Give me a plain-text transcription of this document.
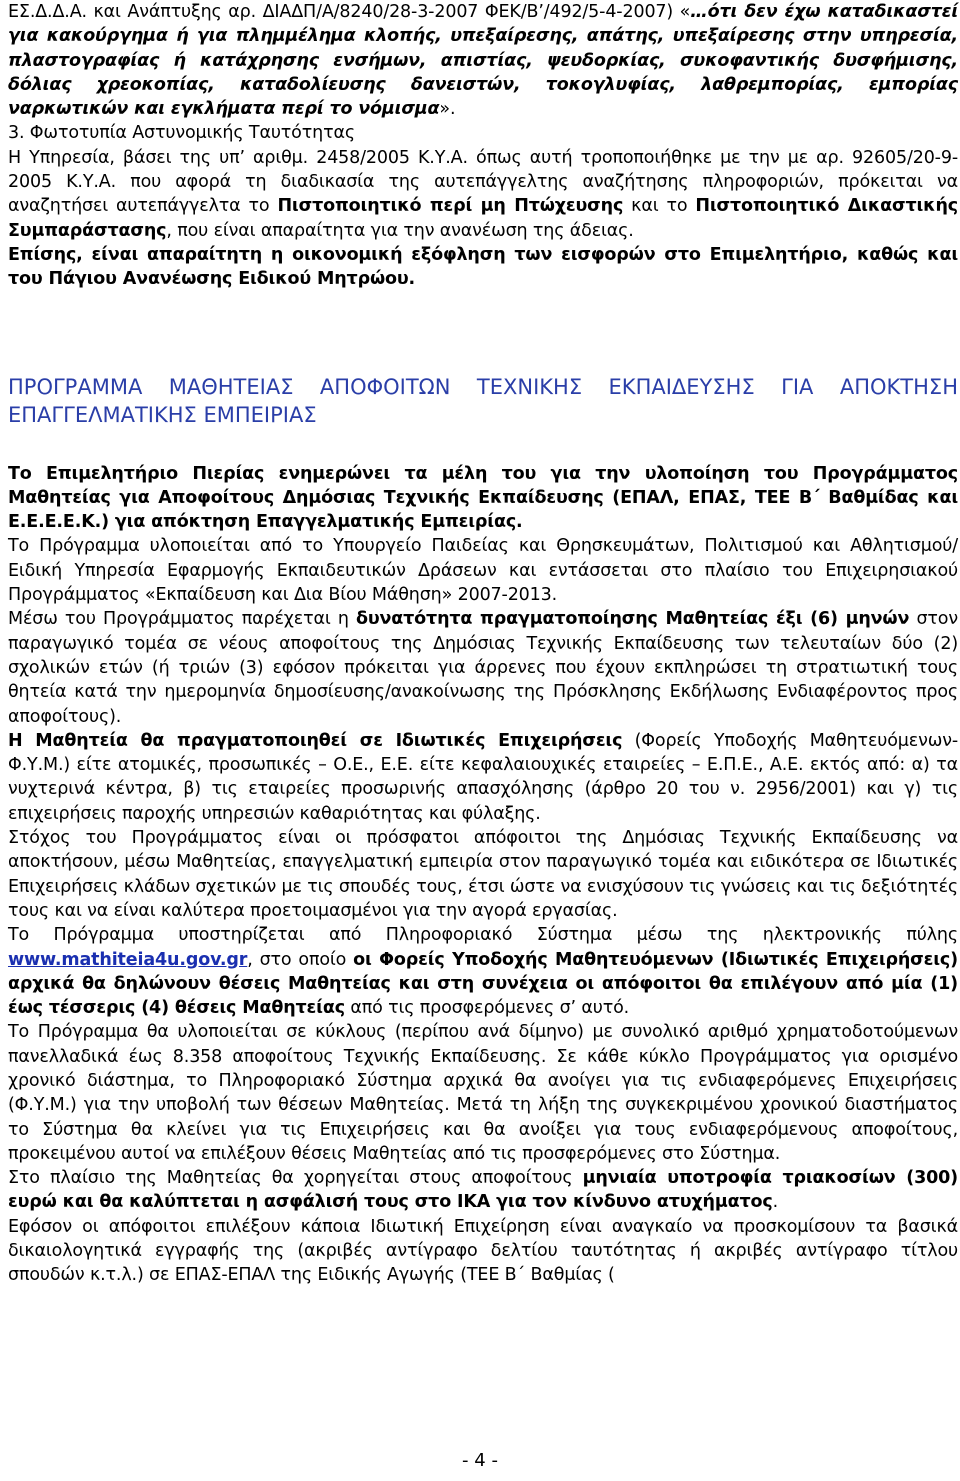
ΕΣ.Δ.Δ.Α. και Ανάπτυξης αρ. ΔΙΑΔΠ/Α/8240/28-3-2007 ΦΕΚ/Β’/492/5-4-2007) «…ότι δεν έχω καταδικαστεί για κακούργημα ή για πλημμέλημα κλοπής, υπεξαίρεσης, απάτης, υπεξαίρεσης στην υπηρεσία, πλαστογραφίας ή κατάχρησης ενσήμων, απιστίας, ψευδορκίας, συκοφαντικής δυσφήμισης, δόλιας χρεοκοπίας, καταδολίευσης δανειστών, τοκογλυφίας, λαθρεμπορίας, εμπορίας ναρκωτικών και εγκλήματα περί το νόμισμα».

3. Φωτοτυπία Αστυνομικής Ταυτότητας

Η Υπηρεσία, βάσει της υπ’ αριθμ. 2458/2005 Κ.Υ.Α. όπως αυτή τροποποιήθηκε με την με αρ. 92605/20-9-2005 Κ.Υ.Α. που αφορά τη διαδικασία της αυτεπάγγελτης αναζήτησης πληροφοριών, πρόκειται να αναζητήσει αυτεπάγγελτα το Πιστοποιητικό περί μη Πτώχευσης και το Πιστοποιητικό Δικαστικής Συμπαράστασης, που είναι απαραίτητα για την ανανέωση της άδειας.

Επίσης, είναι απαραίτητη η οικονομική εξόφληση των εισφορών στο Επιμελητήριο, καθώς και του Πάγιου Ανανέωσης Ειδικού Μητρώου.

ΠΡΟΓΡΑΜΜΑ ΜΑΘΗΤΕΙΑΣ ΑΠΟΦΟΙΤΩΝ ΤΕΧΝΙΚΗΣ ΕΚΠΑΙΔΕΥΣΗΣ ΓΙΑ ΑΠΟΚΤΗΣΗ ΕΠΑΓΓΕΛΜΑΤΙΚΗΣ ΕΜΠΕΙΡΙΑΣ

Το Επιμελητήριο Πιερίας ενημερώνει τα μέλη του για την υλοποίηση του Προγράμματος Μαθητείας για Αποφοίτους Δημόσιας Τεχνικής Εκπαίδευσης (ΕΠΑΛ, ΕΠΑΣ, ΤΕΕ Β΄ Βαθμίδας και Ε.Ε.Ε.Ε.Κ.) για απόκτηση Επαγγελματικής Εμπειρίας.

Το Πρόγραμμα υλοποιείται από το Υπουργείο Παιδείας και Θρησκευμάτων, Πολιτισμού και Αθλητισμού/ Ειδική Υπηρεσία Εφαρμογής Εκπαιδευτικών Δράσεων και εντάσσεται στο πλαίσιο του Επιχειρησιακού Προγράμματος «Εκπαίδευση και Δια Βίου Μάθηση» 2007-2013.

Μέσω του Προγράμματος παρέχεται η δυνατότητα πραγματοποίησης Μαθητείας έξι (6) μηνών στον παραγωγικό τομέα σε νέους αποφοίτους της Δημόσιας Τεχνικής Εκπαίδευσης των τελευταίων δύο (2) σχολικών ετών (ή τριών (3) εφόσον πρόκειται για άρρενες που έχουν εκπληρώσει τη στρατιωτική τους θητεία κατά την ημερομηνία δημοσίευσης/ανακοίνωσης της Πρόσκλησης Εκδήλωσης Ενδιαφέροντος προς αποφοίτους).

Η Μαθητεία θα πραγματοποιηθεί σε Ιδιωτικές Επιχειρήσεις (Φορείς Υποδοχής Μαθητευόμενων-Φ.Υ.Μ.) είτε ατομικές, προσωπικές – Ο.Ε., Ε.Ε. είτε κεφαλαιουχικές εταιρείες – Ε.Π.Ε., Α.Ε. εκτός από: α) τα νυχτερινά κέντρα, β) τις εταιρείες προσωρινής απασχόλησης (άρθρο 20 του ν. 2956/2001) και γ) τις επιχειρήσεις παροχής υπηρεσιών καθαριότητας και φύλαξης.

Στόχος του Προγράμματος είναι οι πρόσφατοι απόφοιτοι της Δημόσιας Τεχνικής Εκπαίδευσης να αποκτήσουν, μέσω Μαθητείας, επαγγελματική εμπειρία στον παραγωγικό τομέα και ειδικότερα σε Ιδιωτικές Επιχειρήσεις κλάδων σχετικών με τις σπουδές τους, έτσι ώστε να ενισχύσουν τις γνώσεις και τις δεξιότητές τους και να είναι καλύτερα προετοιμασμένοι για την αγορά εργασίας.

Το Πρόγραμμα υποστηρίζεται από Πληροφοριακό Σύστημα μέσω της ηλεκτρονικής πύλης www.mathiteia4u.gov.gr, στο οποίο οι Φορείς Υποδοχής Μαθητευόμενων (Ιδιωτικές Επιχειρήσεις) αρχικά θα δηλώνουν θέσεις Μαθητείας και στη συνέχεια οι απόφοιτοι θα επιλέγουν από μία (1) έως τέσσερις (4) θέσεις Μαθητείας από τις προσφερόμενες σ’ αυτό.

Το Πρόγραμμα θα υλοποιείται σε κύκλους (περίπου ανά δίμηνο) με συνολικό αριθμό χρηματοδοτούμενων πανελλαδικά έως 8.358 αποφοίτους Τεχνικής Εκπαίδευσης. Σε κάθε κύκλο Προγράμματος για ορισμένο χρονικό διάστημα, το Πληροφοριακό Σύστημα αρχικά θα ανοίγει για τις ενδιαφερόμενες Επιχειρήσεις (Φ.Υ.Μ.) για την υποβολή των θέσεων Μαθητείας. Μετά τη λήξη της συγκεκριμένου χρονικού διαστήματος το Σύστημα θα κλείνει για τις Επιχειρήσεις και θα ανοίξει για τους ενδιαφερόμενους αποφοίτους, προκειμένου αυτοί να επιλέξουν θέσεις Μαθητείας από τις προσφερόμενες στο Σύστημα.

Στο πλαίσιο της Μαθητείας θα χορηγείται στους αποφοίτους μηνιαία υποτροφία τριακοσίων (300) ευρώ και θα καλύπτεται η ασφάλισή τους στο ΙΚΑ για τον κίνδυνο ατυχήματος.

Εφόσον οι απόφοιτοι επιλέξουν κάποια Ιδιωτική Επιχείρηση είναι αναγκαίο να προσκομίσουν τα βασικά δικαιολογητικά εγγραφής της (ακριβές αντίγραφο δελτίου ταυτότητας ή ακριβές αντίγραφο τίτλου σπουδών κ.τ.λ.) σε ΕΠΑΣ-ΕΠΑΛ της Ειδικής Αγωγής (ΤΕΕ Β΄ Βαθμίας (

- 4 -
